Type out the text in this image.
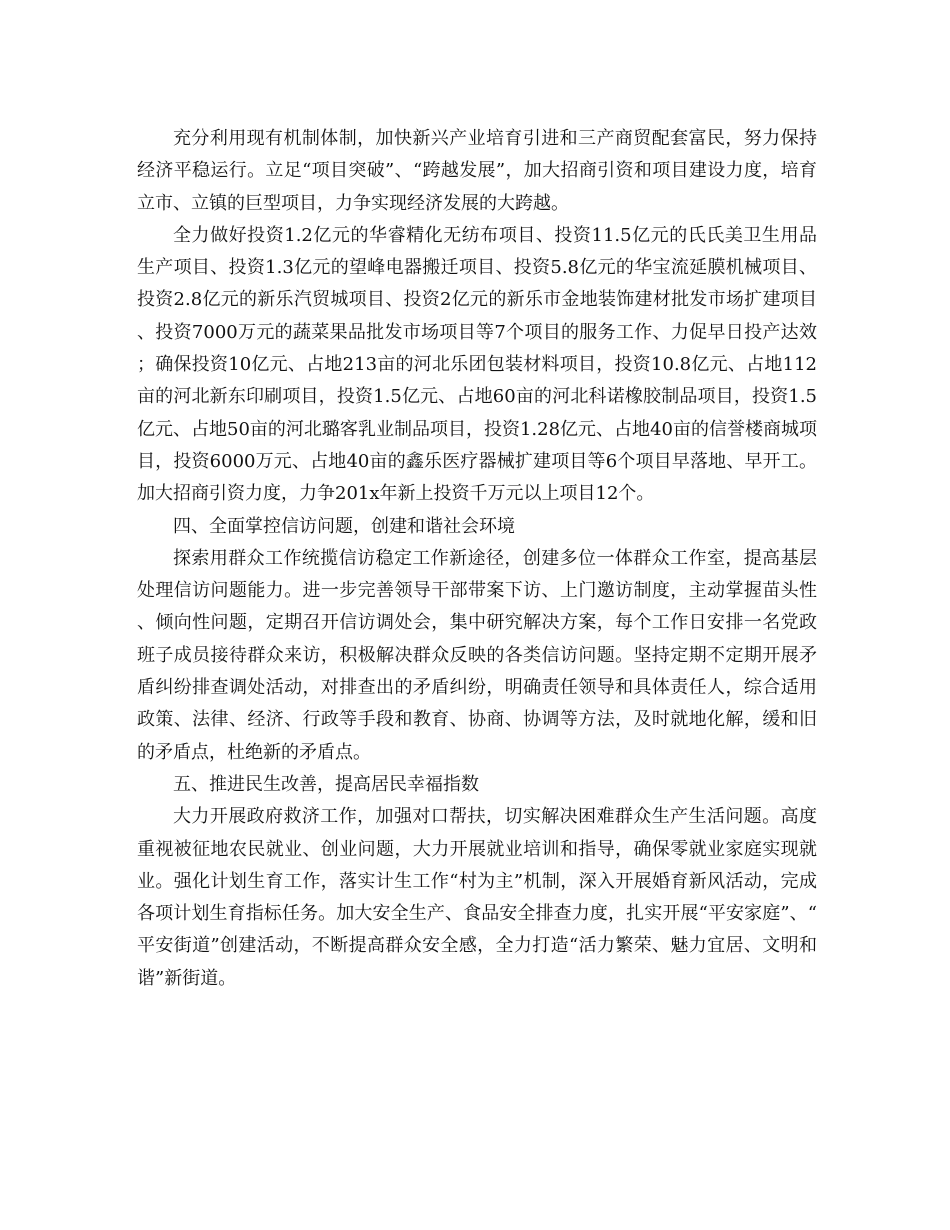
充分利用现有机制体制，加快新兴产业培育引进和三产商贸配套富民，努力保持经济平稳运行。立足“项目突破”、“跨越发展”，加大招商引资和项目建设力度，培育立市、立镇的巨型项目，力争实现经济发展的大跨越。

全力做好投资1.2亿元的华睿精化无纺布项目、投资11.5亿元的氏氏美卫生用品生产项目、投资1.3亿元的望峰电器搬迁项目、投资5.8亿元的华宝流延膜机械项目、投资2.8亿元的新乐汽贸城项目、投资2亿元的新乐市金地装饰建材批发市场扩建项目、投资7000万元的蔬菜果品批发市场项目等7个项目的服务工作、力促早日投产达效；确保投资10亿元、占地213亩的河北乐团包装材料项目，投资10.8亿元、占地112亩的河北新东印刷项目，投资1.5亿元、占地60亩的河北科诺橡胶制品项目，投资1.5亿元、占地50亩的河北璐客乳业制品项目，投资1.28亿元、占地40亩的信誉楼商城项目，投资6000万元、占地40亩的鑫乐医疗器械扩建项目等6个项目早落地、早开工。加大招商引资力度，力争201x年新上投资千万元以上项目12个。

四、全面掌控信访问题，创建和谐社会环境

探索用群众工作统揽信访稳定工作新途径，创建多位一体群众工作室，提高基层处理信访问题能力。进一步完善领导干部带案下访、上门邀访制度，主动掌握苗头性、倾向性问题，定期召开信访调处会，集中研究解决方案，每个工作日安排一名党政班子成员接待群众来访，积极解决群众反映的各类信访问题。坚持定期不定期开展矛盾纠纷排查调处活动，对排查出的矛盾纠纷，明确责任领导和具体责任人，综合适用政策、法律、经济、行政等手段和教育、协商、协调等方法，及时就地化解，缓和旧的矛盾点，杜绝新的矛盾点。

五、推进民生改善，提高居民幸福指数

大力开展政府救济工作，加强对口帮扶，切实解决困难群众生产生活问题。高度重视被征地农民就业、创业问题，大力开展就业培训和指导，确保零就业家庭实现就业。强化计划生育工作，落实计生工作“村为主”机制，深入开展婚育新风活动，完成各项计划生育指标任务。加大安全生产、食品安全排查力度，扎实开展“平安家庭”、“平安街道”创建活动，不断提高群众安全感，全力打造“活力繁荣、魅力宜居、文明和谐”新街道。
